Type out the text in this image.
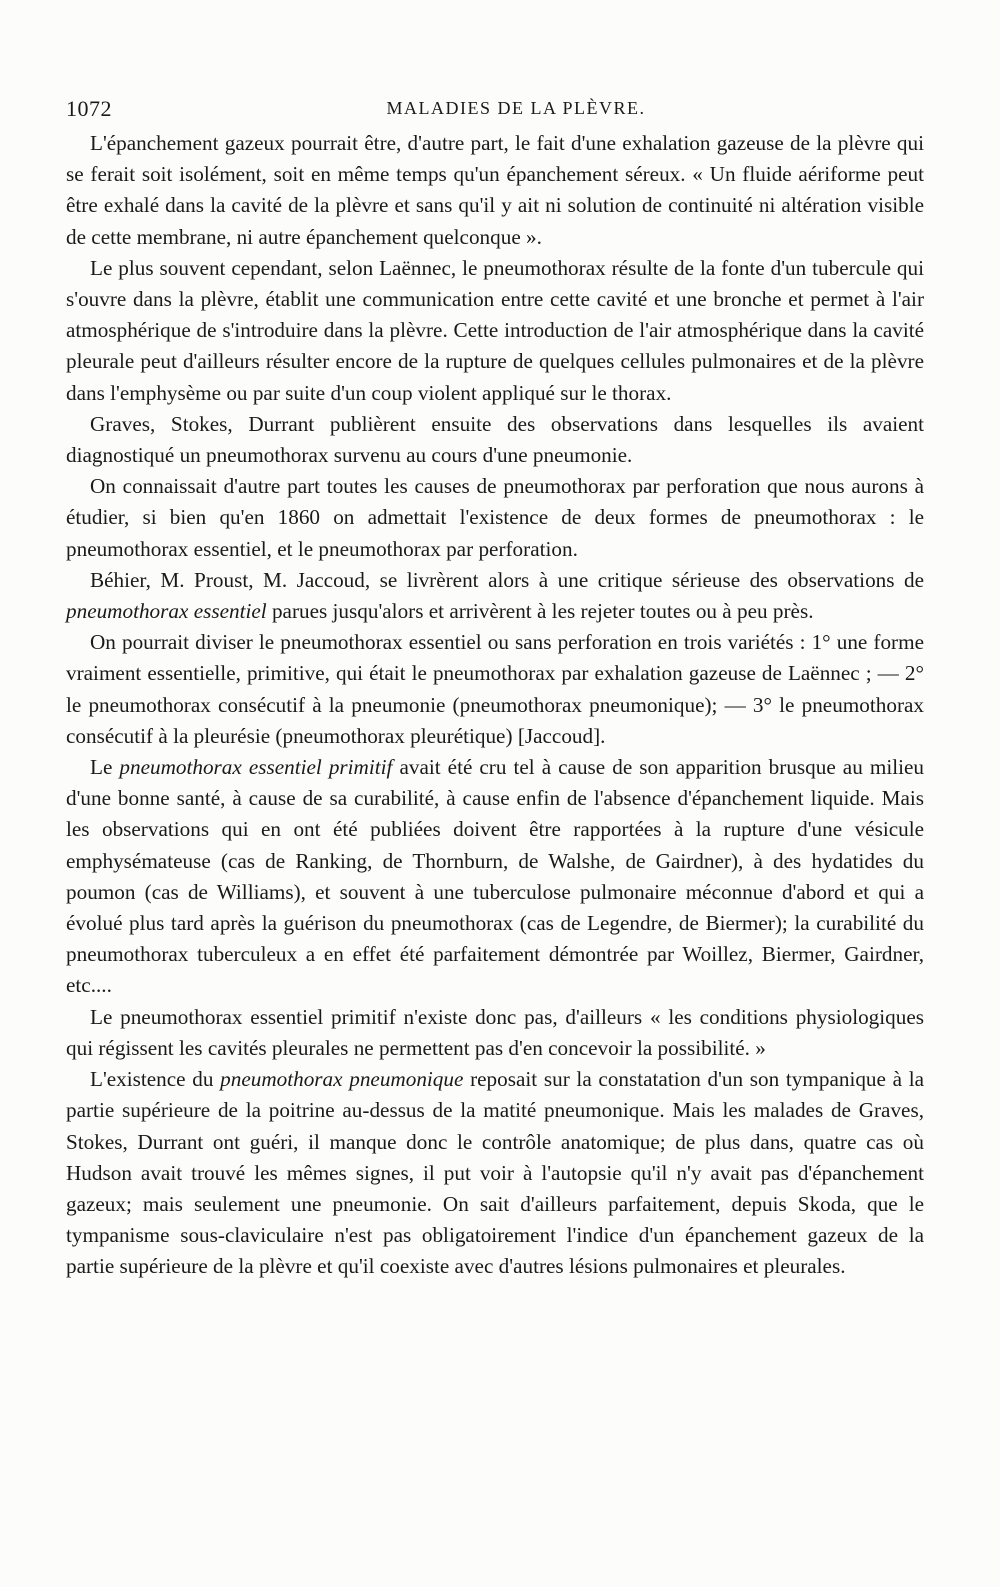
1072	MALADIES DE LA PLÈVRE.

L'épanchement gazeux pourrait être, d'autre part, le fait d'une exhalation gazeuse de la plèvre qui se ferait soit isolément, soit en même temps qu'un épanchement séreux. « Un fluide aériforme peut être exhalé dans la cavité de la plèvre et sans qu'il y ait ni solution de continuité ni altération visible de cette membrane, ni autre épanchement quelconque ».

Le plus souvent cependant, selon Laënnec, le pneumothorax résulte de la fonte d'un tubercule qui s'ouvre dans la plèvre, établit une communication entre cette cavité et une bronche et permet à l'air atmosphérique de s'introduire dans la plèvre. Cette introduction de l'air atmosphérique dans la cavité pleurale peut d'ailleurs résulter encore de la rupture de quelques cellules pulmonaires et de la plèvre dans l'emphysème ou par suite d'un coup violent appliqué sur le thorax.

Graves, Stokes, Durrant publièrent ensuite des observations dans lesquelles ils avaient diagnostiqué un pneumothorax survenu au cours d'une pneumonie.

On connaissait d'autre part toutes les causes de pneumothorax par perforation que nous aurons à étudier, si bien qu'en 1860 on admettait l'existence de deux formes de pneumothorax : le pneumothorax essentiel, et le pneumothorax par perforation.

Béhier, M. Proust, M. Jaccoud, se livrèrent alors à une critique sérieuse des observations de pneumothorax essentiel parues jusqu'alors et arrivèrent à les rejeter toutes ou à peu près.

On pourrait diviser le pneumothorax essentiel ou sans perforation en trois variétés : 1° une forme vraiment essentielle, primitive, qui était le pneumothorax par exhalation gazeuse de Laënnec ; — 2° le pneumothorax consécutif à la pneumonie (pneumothorax pneumonique); — 3° le pneumothorax consécutif à la pleurésie (pneumothorax pleurétique) [Jaccoud].

Le pneumothorax essentiel primitif avait été cru tel à cause de son apparition brusque au milieu d'une bonne santé, à cause de sa curabilité, à cause enfin de l'absence d'épanchement liquide. Mais les observations qui en ont été publiées doivent être rapportées à la rupture d'une vésicule emphysémateuse (cas de Ranking, de Thornburn, de Walshe, de Gairdner), à des hydatides du poumon (cas de Williams), et souvent à une tuberculose pulmonaire méconnue d'abord et qui a évolué plus tard après la guérison du pneumothorax (cas de Legendre, de Biermer); la curabilité du pneumothorax tuberculeux a en effet été parfaitement démontrée par Woillez, Biermer, Gairdner, etc....

Le pneumothorax essentiel primitif n'existe donc pas, d'ailleurs « les conditions physiologiques qui régissent les cavités pleurales ne permettent pas d'en concevoir la possibilité. »

L'existence du pneumothorax pneumonique reposait sur la constatation d'un son tympanique à la partie supérieure de la poitrine au-dessus de la matité pneumonique. Mais les malades de Graves, Stokes, Durrant ont guéri, il manque donc le contrôle anatomique; de plus dans, quatre cas où Hudson avait trouvé les mêmes signes, il put voir à l'autopsie qu'il n'y avait pas d'épanchement gazeux; mais seulement une pneumonie. On sait d'ailleurs parfaitement, depuis Skoda, que le tympanisme sous-claviculaire n'est pas obligatoirement l'indice d'un épanchement gazeux de la partie supérieure de la plèvre et qu'il coexiste avec d'autres lésions pulmonaires et pleurales.
